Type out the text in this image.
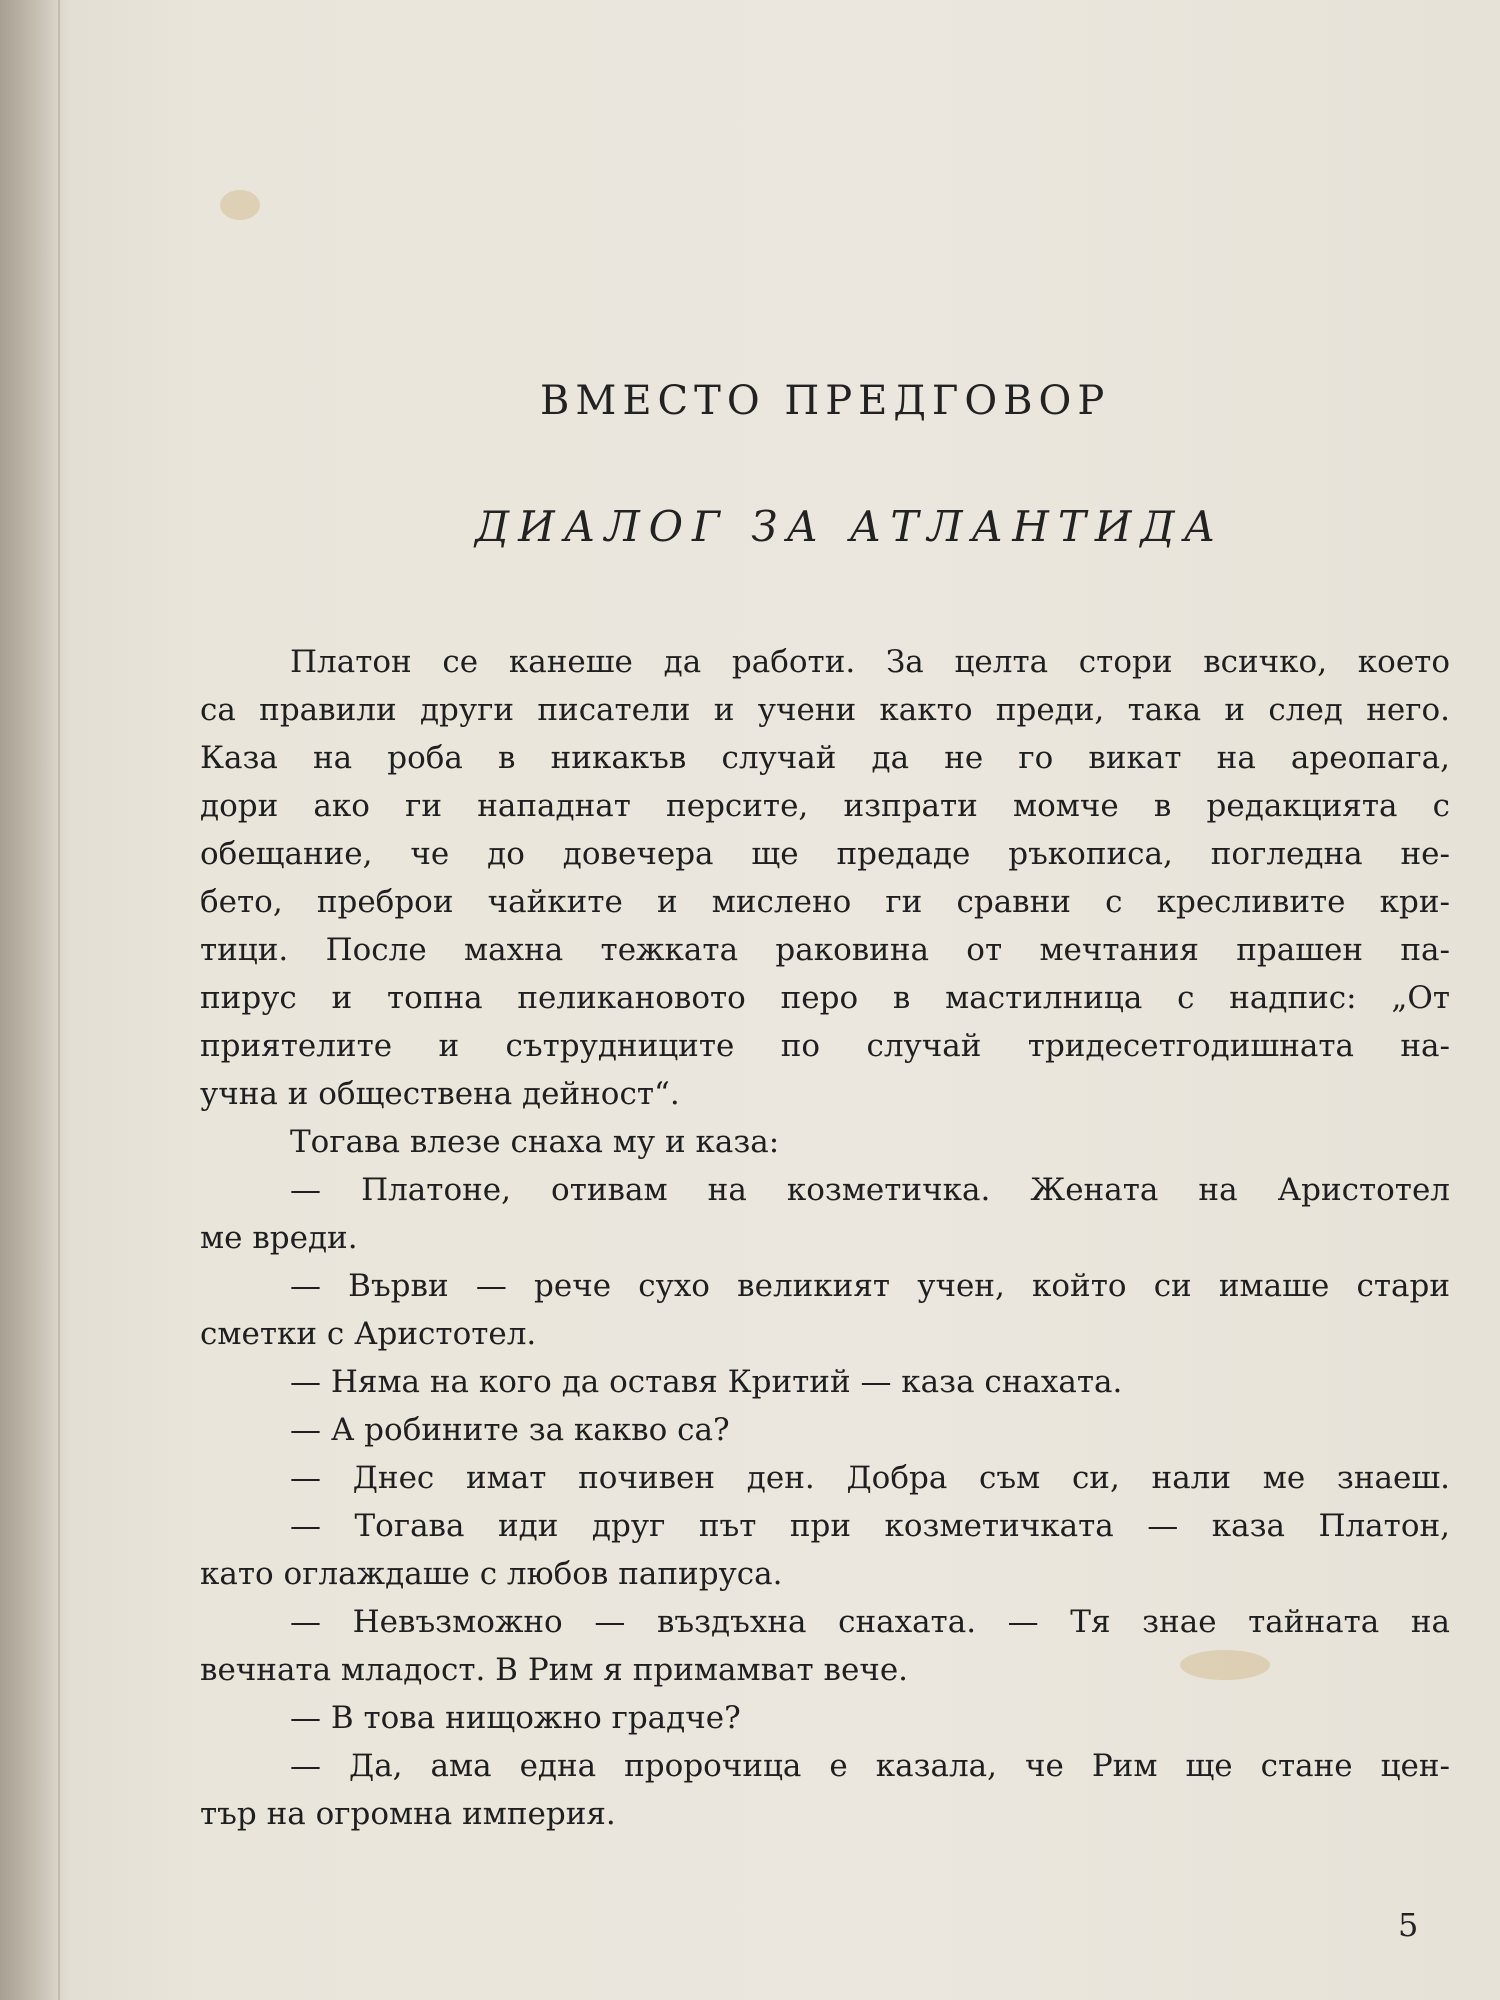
ВМЕСТО ПРЕДГОВОР
ДИАЛОГ ЗА АТЛАНТИДА
Платон се канеше да работи. За целта стори всичко, което
са правили други писатели и учени както преди, така и след него.
Каза на роба в никакъв случай да не го викат на ареопага,
дори ако ги нападнат персите, изпрати момче в редакцията с
обещание, че до довечера ще предаде ръкописа, погледна не-
бето, преброи чайките и мислено ги сравни с кресливите кри-
тици. После махна тежката раковина от мечтания прашен па-
пирус и топна пеликановото перо в мастилница с надпис: „От
приятелите и сътрудниците по случай тридесетгодишната на-
учна и обществена дейност“.
Тогава влезе снаха му и каза:
— Платоне, отивам на козметичка. Жената на Аристотел
ме вреди.
— Върви — рече сухо великият учен, който си имаше стари
сметки с Аристотел.
— Няма на кого да оставя Критий — каза снахата.
— А робините за какво са?
— Днес имат почивен ден. Добра съм си, нали ме знаеш.
— Тогава иди друг път при козметичката — каза Платон,
като оглаждаше с любов папируса.
— Невъзможно — въздъхна снахата. — Тя знае тайната на
вечната младост. В Рим я примамват вече.
— В това нищожно градче?
— Да, ама една пророчица е казала, че Рим ще стане цен-
тър на огромна империя.
5
